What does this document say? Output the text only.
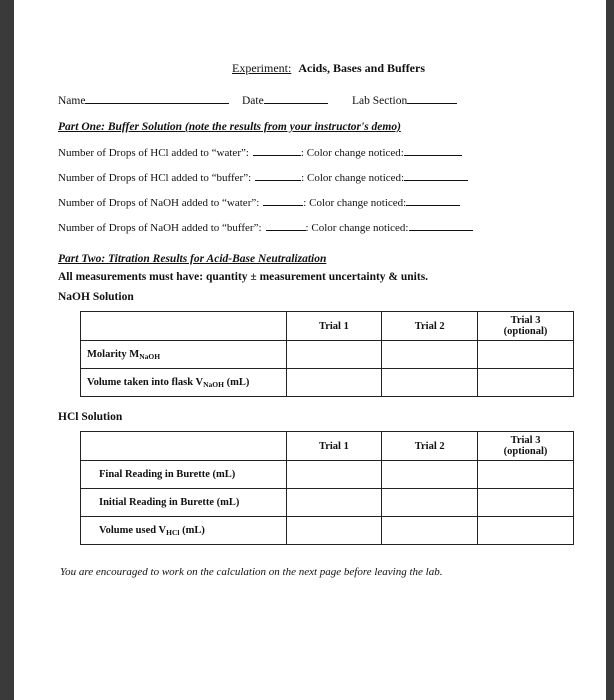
Experiment: Acids, Bases and Buffers
Name	Date	Lab Section
Part One: Buffer Solution (note the results from your instructor's demo)
Number of Drops of HCl added to “water”:	: Color change noticed:
Number of Drops of HCl added to “buffer”:	: Color change noticed:
Number of Drops of NaOH added to “water”:	: Color change noticed:
Number of Drops of NaOH added to “buffer”:	: Color change noticed:
Part Two: Titration Results for Acid-Base Neutralization
All measurements must have: quantity ± measurement uncertainty & units.
NaOH Solution
	Trial 1	Trial 2	Trial 3
(optional)
Molarity $M_{NaOH}$			
Volume taken into flask $V_{NaOH}$ (mL)			
HCl Solution
	Trial 1	Trial 2	Trial 3
(optional)
Final Reading in Burette (mL)			
Initial Reading in Burette (mL)			
Volume used $V_{HCl}$ (mL)			
You are encouraged to work on the calculation on the next page before leaving the lab.
